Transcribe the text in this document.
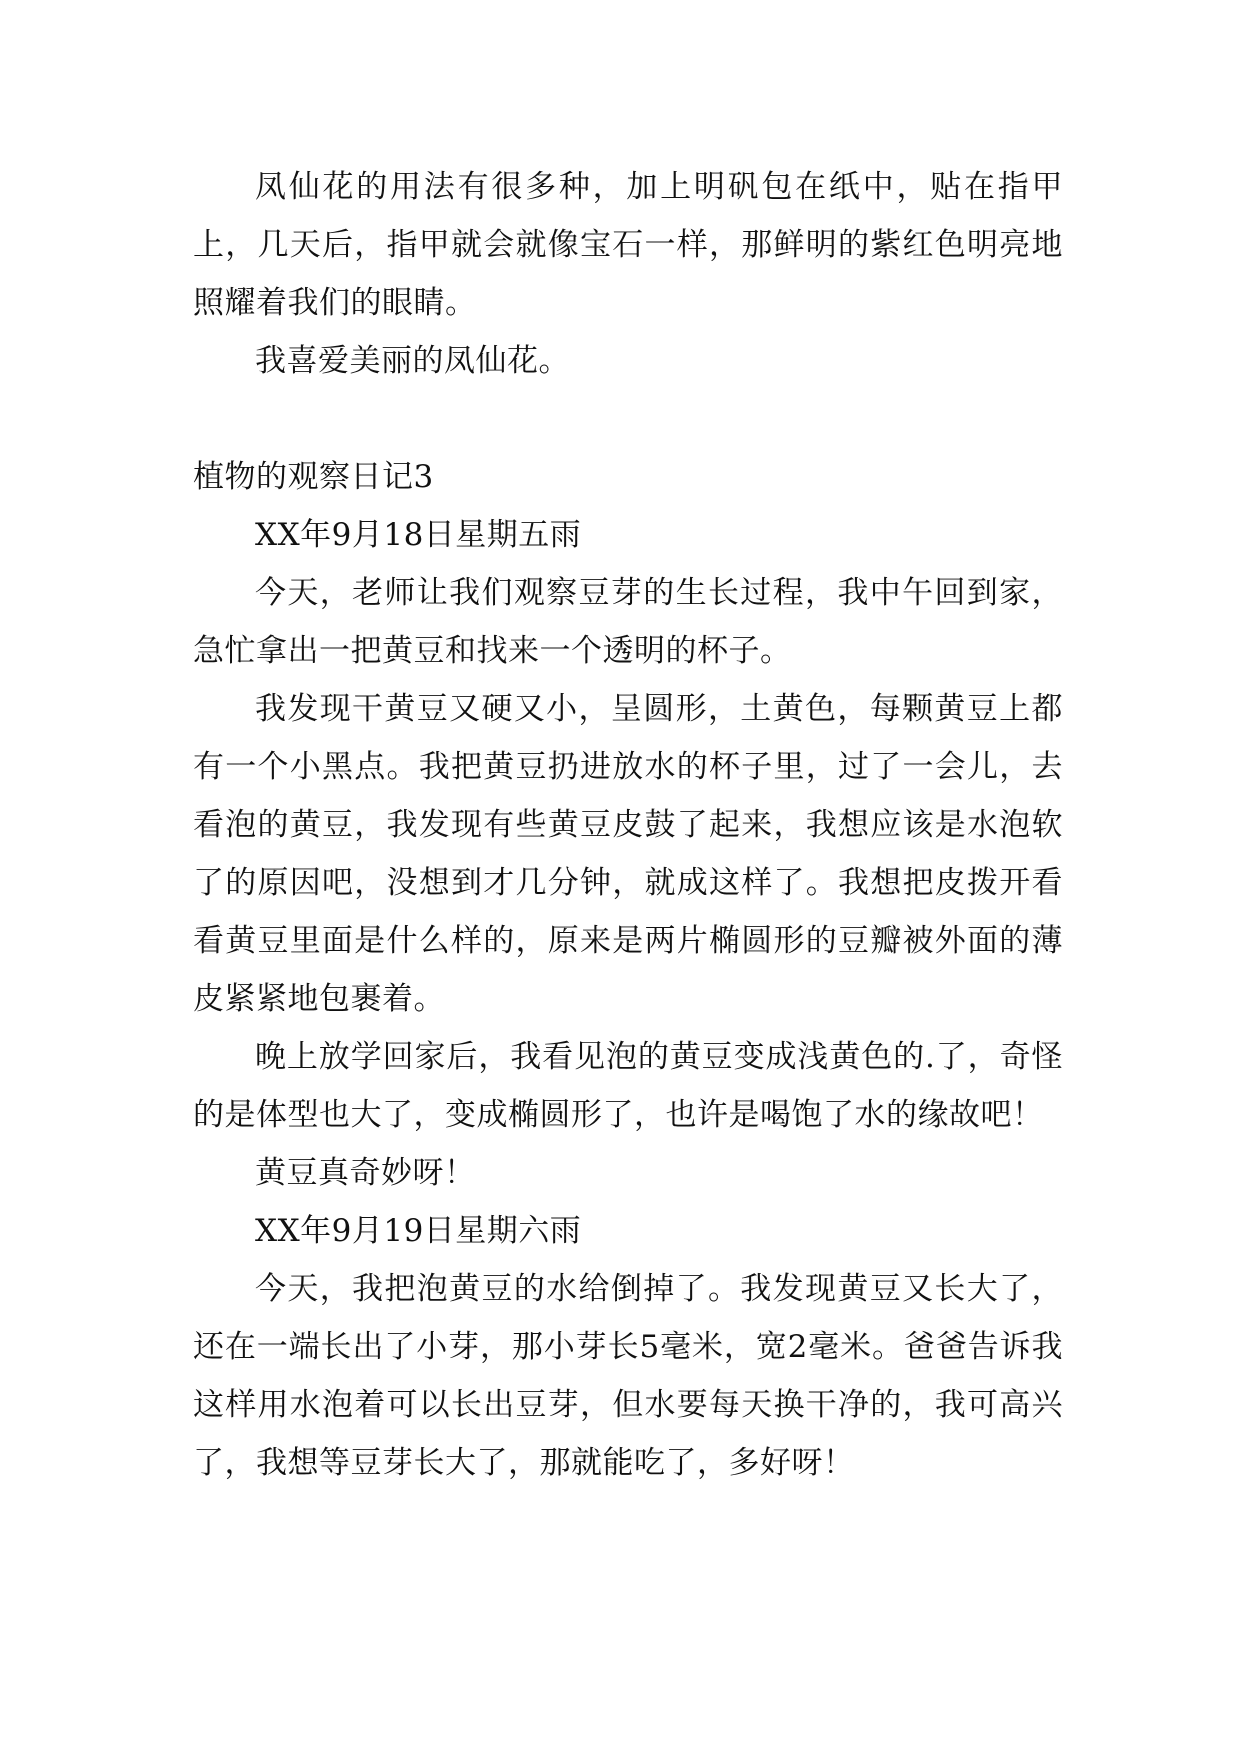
凤仙花的用法有很多种，加上明矾包在纸中，贴在指甲上，几天后，指甲就会就像宝石一样，那鲜明的紫红色明亮地照耀着我们的眼睛。

我喜爱美丽的凤仙花。

植物的观察日记3

XX年9月18日星期五雨

今天，老师让我们观察豆芽的生长过程，我中午回到家，急忙拿出一把黄豆和找来一个透明的杯子。

我发现干黄豆又硬又小，呈圆形，土黄色，每颗黄豆上都有一个小黑点。我把黄豆扔进放水的杯子里，过了一会儿，去看泡的黄豆，我发现有些黄豆皮鼓了起来，我想应该是水泡软了的原因吧，没想到才几分钟，就成这样了。我想把皮拨开看看黄豆里面是什么样的，原来是两片椭圆形的豆瓣被外面的薄皮紧紧地包裹着。

晚上放学回家后，我看见泡的黄豆变成浅黄色的.了，奇怪的是体型也大了，变成椭圆形了，也许是喝饱了水的缘故吧！

黄豆真奇妙呀！

XX年9月19日星期六雨

今天，我把泡黄豆的水给倒掉了。我发现黄豆又长大了，还在一端长出了小芽，那小芽长5毫米，宽2毫米。爸爸告诉我这样用水泡着可以长出豆芽，但水要每天换干净的，我可高兴了，我想等豆芽长大了，那就能吃了，多好呀！
